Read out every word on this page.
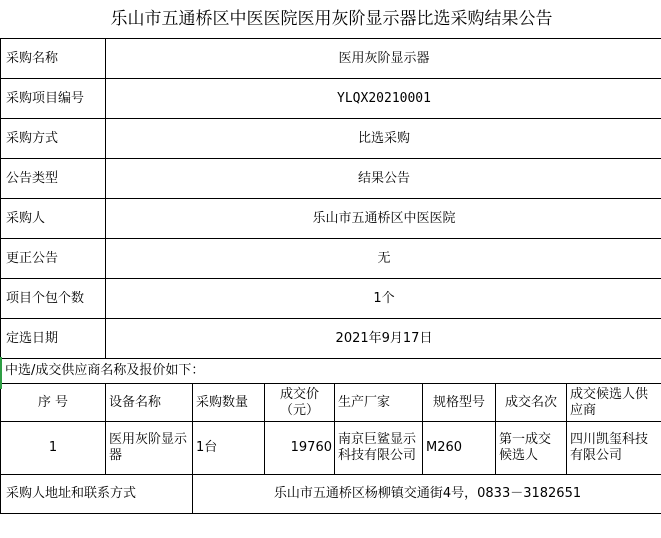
乐山市五通桥区中医医院医用灰阶显示器比选采购结果公告							
采购名称	医用灰阶显示器						
采购项目编号	YLQX20210001						
采购方式	比选采购						
公告类型	结果公告						
采购人	乐山市五通桥区中医医院						
更正公告	无						
项目个包个数	1个						
定选日期	2021年9月17日						
中选/成交供应商名称及报价如下：							
序 号	设备名称	采购数量	成交价（元）	生产厂家	规格型号	成交名次	成交候选人供应商
1	医用灰阶显示器	1台	19760	南京巨鲨显示科技有限公司	M260	第一成交候选人	四川凯玺科技有限公司
采购人地址和联系方式		乐山市五通桥区杨柳镇交通街4号，0833－3182651					
